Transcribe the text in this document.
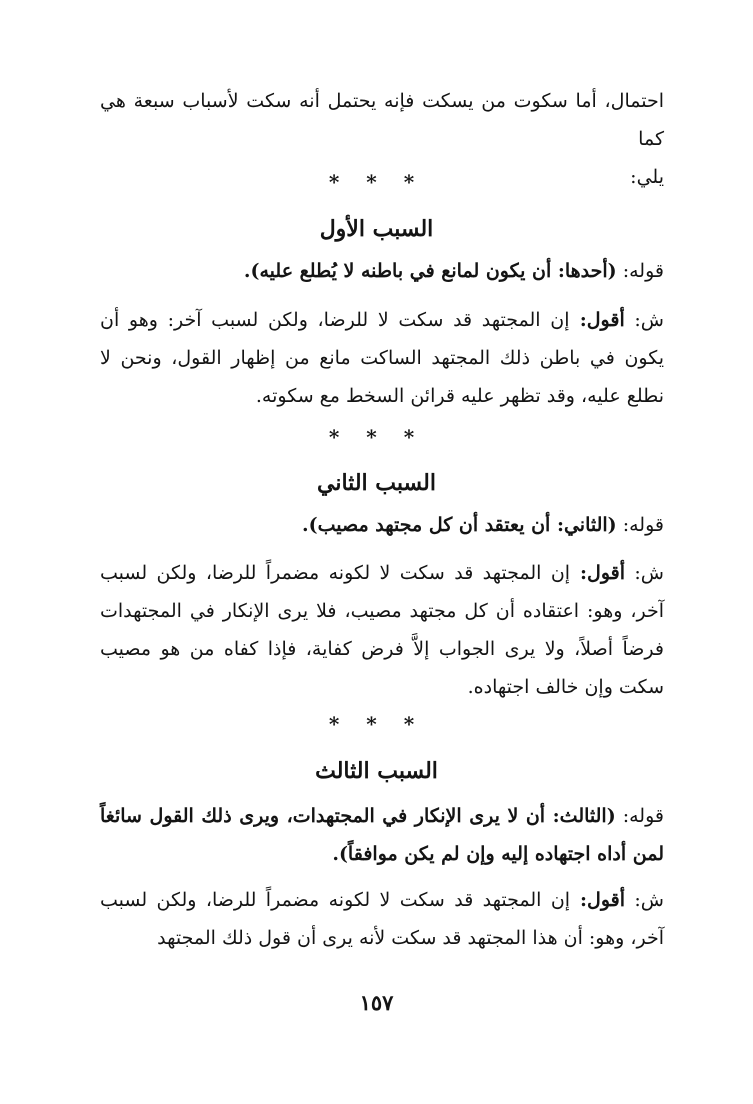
احتمال، أما سكوت من يسكت فإنه يحتمل أنه سكت لأسباب سبعة هي كما

يلي:

* * *
السبب الأول

قوله: (أحدها: أن يكون لمانع في باطنه لا يُطلع عليه).

ش: أقول: إن المجتهد قد سكت لا للرضا، ولكن لسبب آخر: وهو أن يكون في باطن ذلك المجتهد الساكت مانع من إظهار القول، ونحن لا نطلع عليه، وقد تظهر عليه قرائن السخط مع سكوته.

* * *
السبب الثاني

قوله: (الثاني: أن يعتقد أن كل مجتهد مصيب).

ش: أقول: إن المجتهد قد سكت لا لكونه مضمراً للرضا، ولكن لسبب آخر، وهو: اعتقاده أن كل مجتهد مصيب، فلا يرى الإنكار في المجتهدات فرضاً أصلاً، ولا يرى الجواب إلاَّ فرض كفاية، فإذا كفاه من هو مصيب سكت وإن خالف اجتهاده.

* * *
السبب الثالث

قوله: (الثالث: أن لا يرى الإنكار في المجتهدات، ويرى ذلك القول سائغاً لمن أداه اجتهاده إليه وإن لم يكن موافقاً).

ش: أقول: إن المجتهد قد سكت لا لكونه مضمراً للرضا، ولكن لسبب آخر، وهو: أن هذا المجتهد قد سكت لأنه يرى أن قول ذلك المجتهد

١٥٧
